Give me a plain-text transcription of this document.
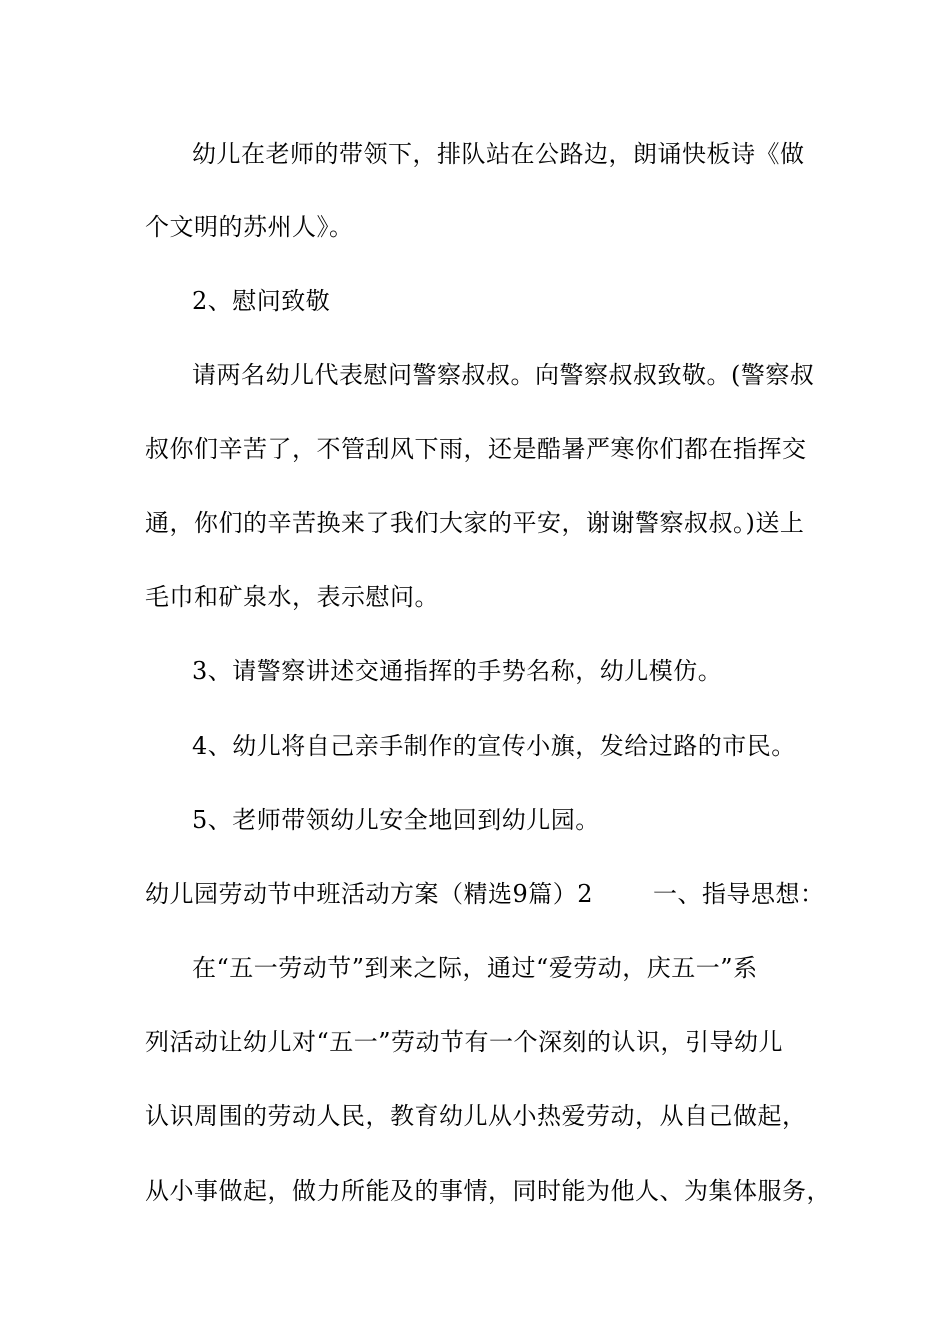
幼儿在老师的带领下，排队站在公路边，朗诵快板诗《做
个文明的苏州人》。
2、慰问致敬
请两名幼儿代表慰问警察叔叔。向警察叔叔致敬。(警察叔
叔你们辛苦了，不管刮风下雨，还是酷暑严寒你们都在指挥交
通，你们的辛苦换来了我们大家的平安，谢谢警察叔叔。)送上
毛巾和矿泉水，表示慰问。
3、请警察讲述交通指挥的手势名称，幼儿模仿。
4、幼儿将自己亲手制作的宣传小旗，发给过路的市民。
5、老师带领幼儿安全地回到幼儿园。
幼儿园劳动节中班活动方案（精选9篇）2	一、指导思想：
在“五一劳动节”到来之际，通过“爱劳动，庆五一”系
列活动让幼儿对“五一”劳动节有一个深刻的认识，引导幼儿
认识周围的劳动人民，教育幼儿从小热爱劳动，从自己做起，
从小事做起，做力所能及的事情，同时能为他人、为集体服务，
